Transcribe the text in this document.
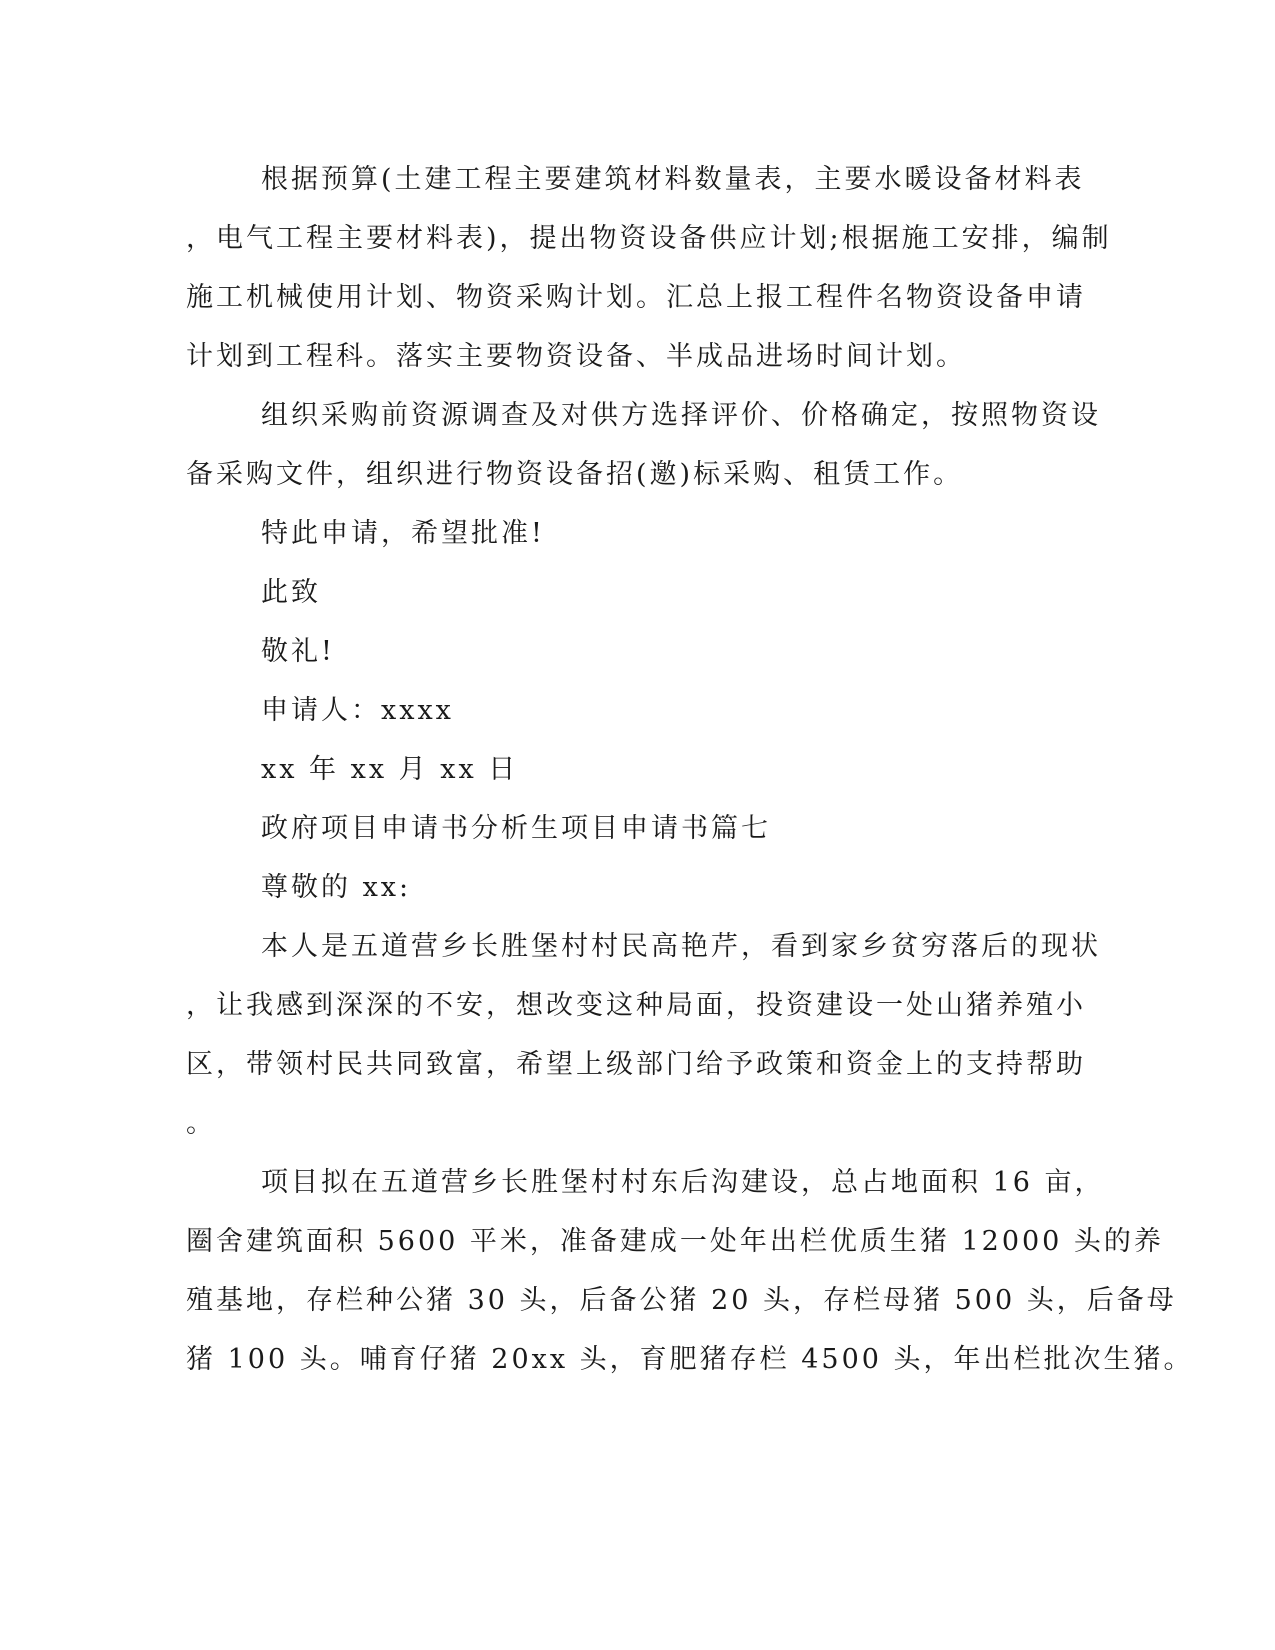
根据预算(土建工程主要建筑材料数量表，主要水暖设备材料表
，电气工程主要材料表)，提出物资设备供应计划;根据施工安排，编制
施工机械使用计划、物资采购计划。汇总上报工程件名物资设备申请
计划到工程科。落实主要物资设备、半成品进场时间计划。
组织采购前资源调查及对供方选择评价、价格确定，按照物资设
备采购文件，组织进行物资设备招(邀)标采购、租赁工作。
特此申请，希望批准!
此致
敬礼!
申请人：xxxx
xx 年 xx 月 xx 日
政府项目申请书分析生项目申请书篇七
尊敬的 xx:
本人是五道营乡长胜堡村村民高艳芹，看到家乡贫穷落后的现状
，让我感到深深的不安，想改变这种局面，投资建设一处山猪养殖小
区，带领村民共同致富，希望上级部门给予政策和资金上的支持帮助
。
项目拟在五道营乡长胜堡村村东后沟建设，总占地面积 16 亩，
圈舍建筑面积 5600 平米，准备建成一处年出栏优质生猪 12000 头的养
殖基地，存栏种公猪 30 头，后备公猪 20 头，存栏母猪 500 头，后备母
猪 100 头。哺育仔猪 20xx 头，育肥猪存栏 4500 头，年出栏批次生猪。
